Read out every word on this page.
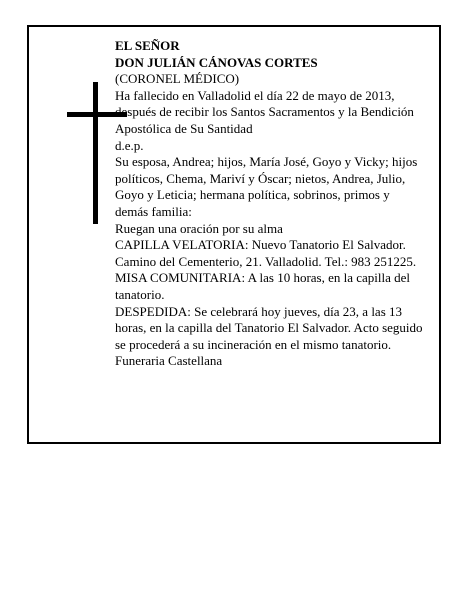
EL SEÑOR

DON JULIÁN CÁNOVAS CORTES

(CORONEL MÉDICO)

Ha fallecido en Valladolid el día 22 de mayo de 2013, después de recibir los Santos Sacramentos y la Bendición Apostólica de Su Santidad

d.e.p.

Su esposa, Andrea; hijos, María José, Goyo y Vicky; hijos políticos, Chema, Mariví y Óscar; nietos, Andrea, Julio, Goyo y Leticia; hermana política, sobrinos, primos y demás familia:

Ruegan una oración por su alma

CAPILLA VELATORIA: Nuevo Tanatorio El Salvador. Camino del Cementerio, 21. Valladolid. Tel.: 983 251225. MISA COMUNITARIA: A las 10 horas, en la capilla del tanatorio.

DESPEDIDA: Se celebrará hoy jueves, día 23, a las 13 horas, en la capilla del Tanatorio El Salvador. Acto seguido se procederá a su incineración en el mismo tanatorio.

Funeraria Castellana
